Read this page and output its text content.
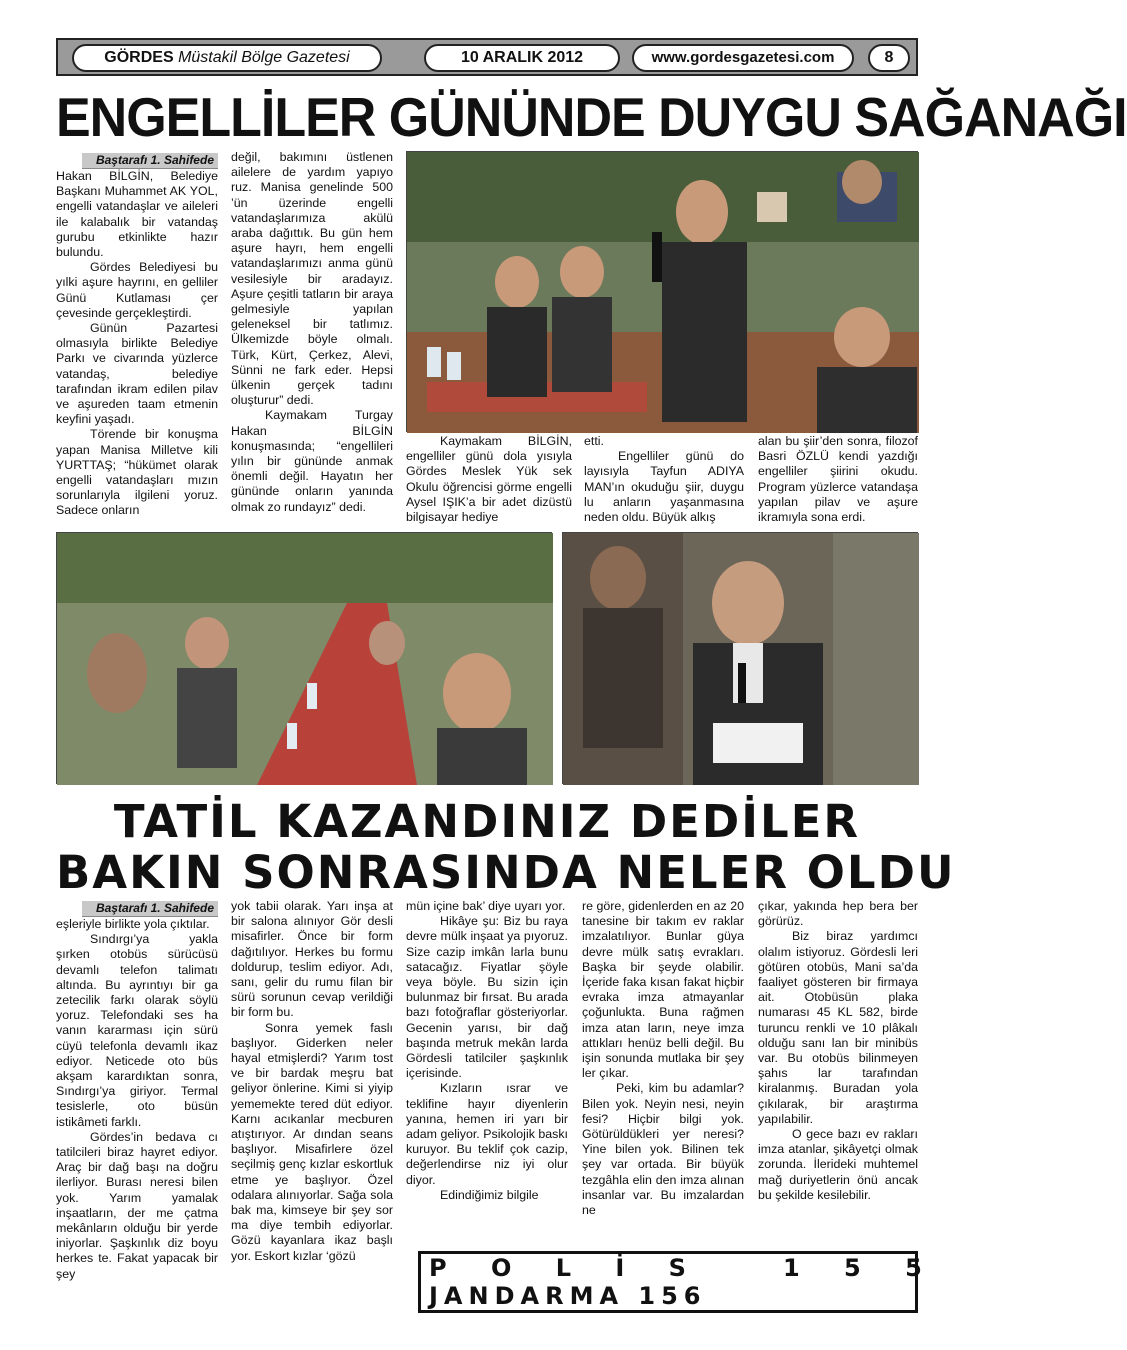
GÖRDES Müstakil Bölge Gazetesi	10 ARALIK 2012	www.gordesgazetesi.com	8
ENGELLİLER GÜNÜNDE DUYGU SAĞANAĞI
Baştarafı 1. Sahifede

Hakan BİLGİN, Belediye Başkanı Muhammet AK YOL, engelli vatandaşlar ve aileleri ile kalabalık bir vatandaş gurubu etkinlikte hazır bulundu.

Gördes Belediyesi bu yılki aşure hayrını, en gelliler Günü Kutlaması çer çevesinde gerçekleştirdi.

Günün Pazartesi olmasıyla birlikte Belediye Parkı ve civarında yüzlerce vatandaş, belediye tarafından ikram edilen pilav ve aşureden taam etmenin keyfini yaşadı.

Törende bir konuşma yapan Manisa Milletve kili YURTTAŞ; “hükümet olarak engelli vatandaşları mızın sorunlarıyla ilgileni yoruz. Sadece onların

değil, bakımını üstlenen ailelere de yardım yapıyo ruz. Manisa genelinde 500 ’ün üzerinde engelli vatandaşlarımıza akülü araba dağıttık. Bu gün hem aşure hayrı, hem engelli vatandaşlarımızı anma günü vesilesiyle bir aradayız. Aşure çeşitli tatların bir araya gelmesiyle yapılan geleneksel bir tatlımız. Ülkemizde böyle olmalı. Türk, Kürt, Çerkez, Alevi, Sünni ne fark eder. Hepsi ülkenin gerçek tadını oluşturur” dedi.

Kaymakam Turgay Hakan BİLGİN konuşmasında; “engellileri yılın bir gününde anmak önemli değil. Hayatın her gününde onların yanında olmak zo rundayız” dedi.

Kaymakam BİLGİN, engelliler günü dola yısıyla Gördes Meslek Yük sek Okulu öğrencisi görme engelli Aysel IŞIK’a bir adet dizüstü bilgisayar hediye

etti.

Engelliler günü do layısıyla Tayfun ADIYA MAN’ın okuduğu şiir, duygu lu anların yaşanmasına neden oldu. Büyük alkış

alan bu şiir’den sonra, filozof Basri ÖZLÜ kendi yazdığı engelliler şiirini okudu. Program yüzlerce vatandaşa yapılan pilav ve aşure ikramıyla sona erdi.

TATİL KAZANDINIZ DEDİLER
BAKIN SONRASINDA NELER OLDU
Baştarafı 1. Sahifede

eşleriyle birlikte yola çıktılar.

Sındırgı’ya yakla şırken otobüs sürücüsü devamlı telefon talimatı altında. Bu ayrıntıyı bir ga zetecilik farkı olarak söylü yoruz. Telefondaki ses ha vanın kararması için sürü cüyü telefonla devamlı ikaz ediyor. Neticede oto büs akşam karardıktan sonra, Sındırgı’ya giriyor. Termal tesislerle, oto büsün istikâmeti farklı.

Gördes’in bedava cı tatilcileri biraz hayret ediyor. Araç bir dağ başı na doğru ilerliyor. Burası neresi bilen yok. Yarım yamalak inşaatların, der me çatma mekânların olduğu bir yerde iniyorlar. Şaşkınlık diz boyu herkes te. Fakat yapacak bir şey

yok tabii olarak. Yarı inşa at bir salona alınıyor Gör desli misafirler. Önce bir form dağıtılıyor. Herkes bu formu doldurup, teslim ediyor. Adı, sanı, gelir du rumu filan bir sürü sorunun cevap verildiği bir form bu.

Sonra yemek faslı başlıyor. Giderken neler hayal etmişlerdi? Yarım tost ve bir bardak meşru bat geliyor önlerine. Kimi si yiyip yememekte tered düt ediyor. Karnı acıkanlar mecburen atıştırıyor. Ar dından seans başlıyor. Misafirlere özel seçilmiş genç kızlar eskortluk etme ye başlıyor. Özel odalara alınıyorlar. Sağa sola bak ma, kimseye bir şey sor ma diye tembih ediyorlar. Gözü kayanlara ikaz başlı yor. Eskort kızlar ‘gözü

mün içine bak’ diye uyarı yor.

Hikâye şu: Biz bu raya devre mülk inşaat ya pıyoruz. Size cazip imkân larla bunu satacağız. Fiyatlar şöyle veya böyle. Bu sizin için bulunmaz bir fırsat. Bu arada bazı fotoğraflar gösteriyorlar. Gecenin yarısı, bir dağ başında metruk mekân larda Gördesli tatilciler şaşkınlık içerisinde.

Kızların ısrar ve teklifine hayır diyenlerin yanına, hemen iri yarı bir adam geliyor. Psikolojik baskı kuruyor. Bu teklif çok cazip, değerlendirse niz iyi olur diyor.

Edindiğimiz bilgile

re göre, gidenlerden en az 20 tanesine bir takım ev raklar imzalatılıyor. Bunlar güya devre mülk satış evrakları. Başka bir şeyde olabilir. İçeride faka kısan fakat hiçbir evraka imza atmayanlar çoğunlukta. Buna rağmen imza atan ların, neye imza attıkları henüz belli değil. Bu işin sonunda mutlaka bir şey ler çıkar.

Peki, kim bu adamlar? Bilen yok. Neyin nesi, neyin fesi? Hiçbir bilgi yok. Götürüldükleri yer neresi? Yine bilen yok. Bilinen tek şey var ortada. Bir büyük tezgâhla elin den imza alınan insanlar var. Bu imzalardan ne

çıkar, yakında hep bera ber görürüz.

Biz biraz yardımcı olalım istiyoruz. Gördesli leri götüren otobüs, Mani sa’da faaliyet gösteren bir firmaya ait. Otobüsün plaka numarası 45 KL 582, birde turuncu renkli ve 10 plâkalı olduğu sanı lan bir minibüs var. Bu otobüs bilinmeyen şahıs lar tarafından kiralanmış. Buradan yola çıkılarak, bir araştırma yapılabilir.

O gece bazı ev rakları imza atanlar, şikâyetçi olmak zorunda. İlerideki muhtemel mağ duriyetlerin önü ancak bu şekilde kesilebilir.

P O L İ S   1 5 5
JANDARMA 156
